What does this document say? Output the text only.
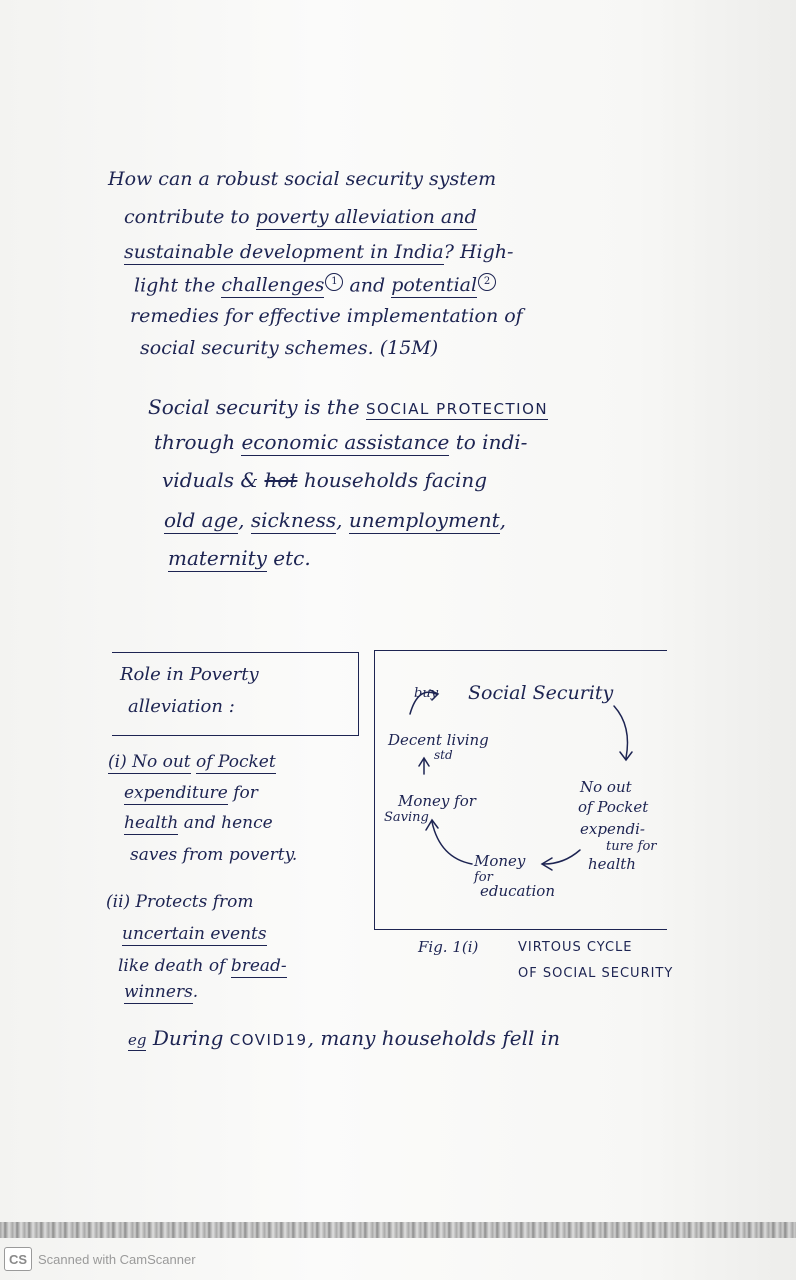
How can a robust social security system
contribute to poverty alleviation and
sustainable development in India? High-
light the challenges 1 and potential 2
remedies for effective implementation of
social security schemes. (15M)
Social security is the SOCIAL PROTECTION
through economic assistance to indi-
viduals & hot households facing
old age, sickness, unemployment,
maternity etc.
Role in Poverty
alleviation :
(i) No out of Pocket
expenditure for
health and hence
saves from poverty.
(ii) Protects from
uncertain events
like death of bread-
winners.
buy Social Security
Decent living
std
No out
of Pocket
expendi-
ture for
health
Money for
Saving
Money
for
education
Fig. 1(i)	VIRTOUS CYCLE
OF SOCIAL SECURITY
eg During COVID19, many households fell in
CS Scanned with CamScanner
